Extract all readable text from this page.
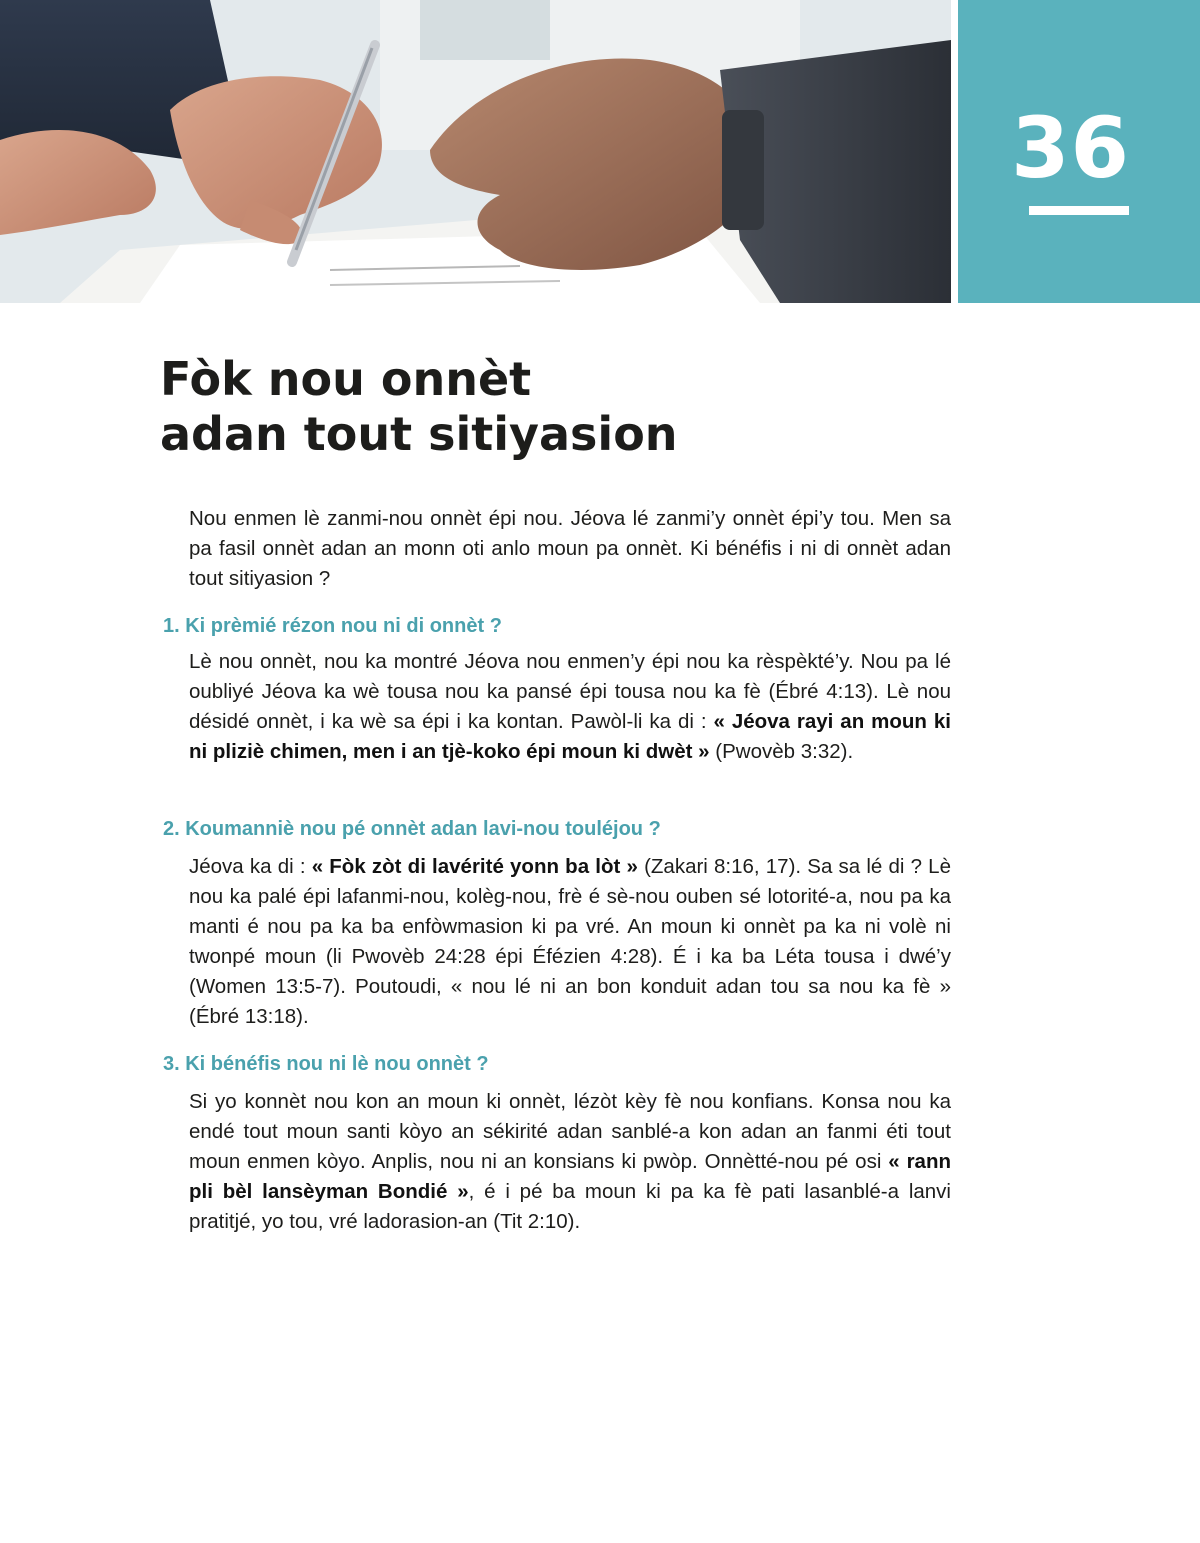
36
Fòk nou onnèt
adan tout sitiyasion

Nou enmen lè zanmi-nou onnèt épi nou. Jéova lé zanmi’y onnèt épi’y tou. Men sa pa fasil onnèt adan an monn oti anlo moun pa onnèt. Ki bénéfis i ni di onnèt adan tout sitiyasion ?

1. Ki prèmié rézon nou ni di onnèt ?

Lè nou onnèt, nou ka montré Jéova nou enmen’y épi nou ka rèspèkté’y. Nou pa lé oubliyé Jéova ka wè tousa nou ka pansé épi tousa nou ka fè (Ébré 4:13). Lè nou désidé onnèt, i ka wè sa épi i ka kontan. Pawòl-li ka di : « Jéova rayi an moun ki ni pliziè chimen, men i an tjè-koko épi moun ki dwèt » (Pwovèb 3:32).

2. Koumanniè nou pé onnèt adan lavi-nou touléjou ?

Jéova ka di : « Fòk zòt di lavérité yonn ba lòt » (Zakari 8:16, 17). Sa sa lé di ? Lè nou ka palé épi lafanmi-nou, kolèg-nou, frè é sè-nou ouben sé lotorité-a, nou pa ka manti é nou pa ka ba enfòwmasion ki pa vré. An moun ki onnèt pa ka ni volè ni twonpé moun (li Pwovèb 24:28 épi Éfézien 4:28). É i ka ba Léta tousa i dwé’y (Women 13:5-7). Poutoudi, « nou lé ni an bon konduit adan tou sa nou ka fè » (Ébré 13:18).

3. Ki bénéfis nou ni lè nou onnèt ?

Si yo konnèt nou kon an moun ki onnèt, lézòt kèy fè nou konfians. Konsa nou ka endé tout moun santi kòyo an sékirité adan sanblé-a kon adan an fanmi éti tout moun enmen kòyo. Anplis, nou ni an konsians ki pwòp. Onnètté-nou pé osi « rann pli bèl lansèyman Bondié », é i pé ba moun ki pa ka fè pati lasanblé-a lanvi pratitjé, yo tou, vré ladorasion-an (Tit 2:10).
